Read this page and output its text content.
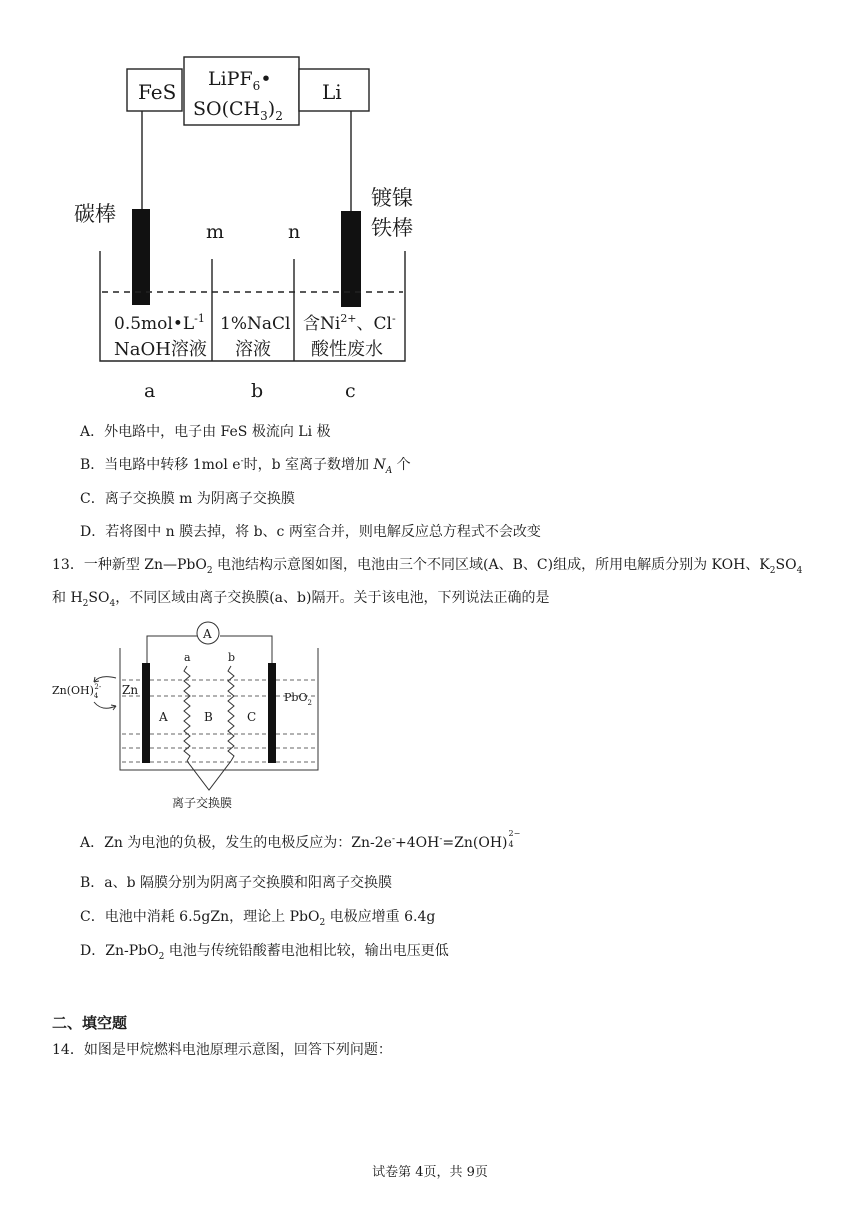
FeS
LiPF$_6$•
$SO(CH_3)_2$
Li
碳棒
镀镍
铁棒
m	n
$0.5mol•L^{-1}$
NaOH溶液
1%NaCl
溶液
含$Ni^{2+}$、Cl-
酸性废水
a	b	c
A．外电路中，电子由 FeS 极流向 Li 极
B．当电路中转移 1mol e-时，b 室离子数增加 $N_A$ 个
C．离子交换膜 m 为阴离子交换膜
D．若将图中 n 膜去掉，将 b、c 两室合并，则电解反应总方程式不会改变
13．一种新型 Zn—PbO$_2$ 电池结构示意图如图，电池由三个不同区域(A、B、C)组成，所用电解质分别为 KOH、$K_2SO_4$
和 $H_2SO_4$，不同区域由离子交换膜(a、b)隔开。关于该电池，下列说法正确的是
A
a	b
A	B	C
Zn
$Zn(OH)_42-$
PbO$_2$
离子交换膜
A．Zn 为电池的负极，发生的电极反应为：Zn-2e-+4OH-=Zn(OH)
2−
4
B．a、b 隔膜分别为阴离子交换膜和阳离子交换膜
C．电池中消耗 6.5gZn，理论上 PbO$_2$ 电极应增重 6.4g
D．Zn-PbO$_2$ 电池与传统铅酸蓄电池相比较，输出电压更低
二、填空题
14．如图是甲烷燃料电池原理示意图，回答下列问题：
试卷第 4页，共 9页
